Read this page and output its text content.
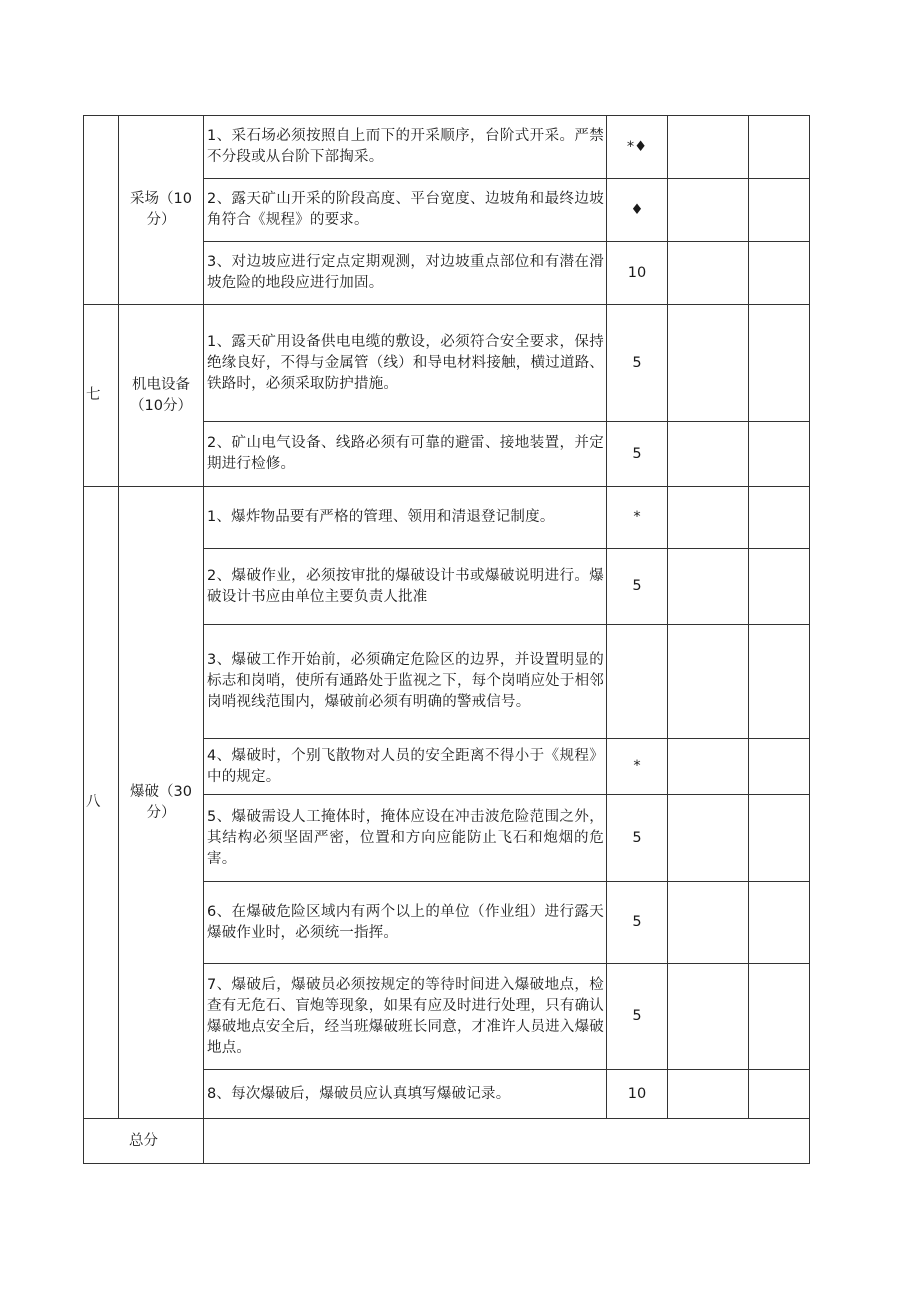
	采场（10分）	1、采石场必须按照自上而下的开采顺序，台阶式开采。严禁不分段或从台阶下部掏采。	*♦		
		2、露天矿山开采的阶段高度、平台宽度、边坡角和最终边坡角符合《规程》的要求。	♦		
		3、对边坡应进行定点定期观测，对边坡重点部位和有潜在滑坡危险的地段应进行加固。	10		
七	机电设备（10分）	1、露天矿用设备供电电缆的敷设，必须符合安全要求，保持绝缘良好，不得与金属管（线）和导电材料接触，横过道路、铁路时，必须采取防护措施。	5		
		2、矿山电气设备、线路必须有可靠的避雷、接地装置，并定期进行检修。	5		
八	爆破（30分）	1、爆炸物品要有严格的管理、领用和清退登记制度。	*		
		2、爆破作业，必须按审批的爆破设计书或爆破说明进行。爆破设计书应由单位主要负责人批准	5		
		3、爆破工作开始前，必须确定危险区的边界，并设置明显的标志和岗哨，使所有通路处于监视之下，每个岗哨应处于相邻岗哨视线范围内，爆破前必须有明确的警戒信号。			
		4、爆破时，个别飞散物对人员的安全距离不得小于《规程》中的规定。	*		
		5、爆破需设人工掩体时，掩体应设在冲击波危险范围之外，其结构必须坚固严密，位置和方向应能防止飞石和炮烟的危害。	5		
		6、在爆破危险区域内有两个以上的单位（作业组）进行露天爆破作业时，必须统一指挥。	5		
		7、爆破后，爆破员必须按规定的等待时间进入爆破地点，检查有无危石、盲炮等现象，如果有应及时进行处理，只有确认爆破地点安全后，经当班爆破班长同意，才准许人员进入爆破地点。	5		
		8、每次爆破后，爆破员应认真填写爆破记录。	10		
总分					
